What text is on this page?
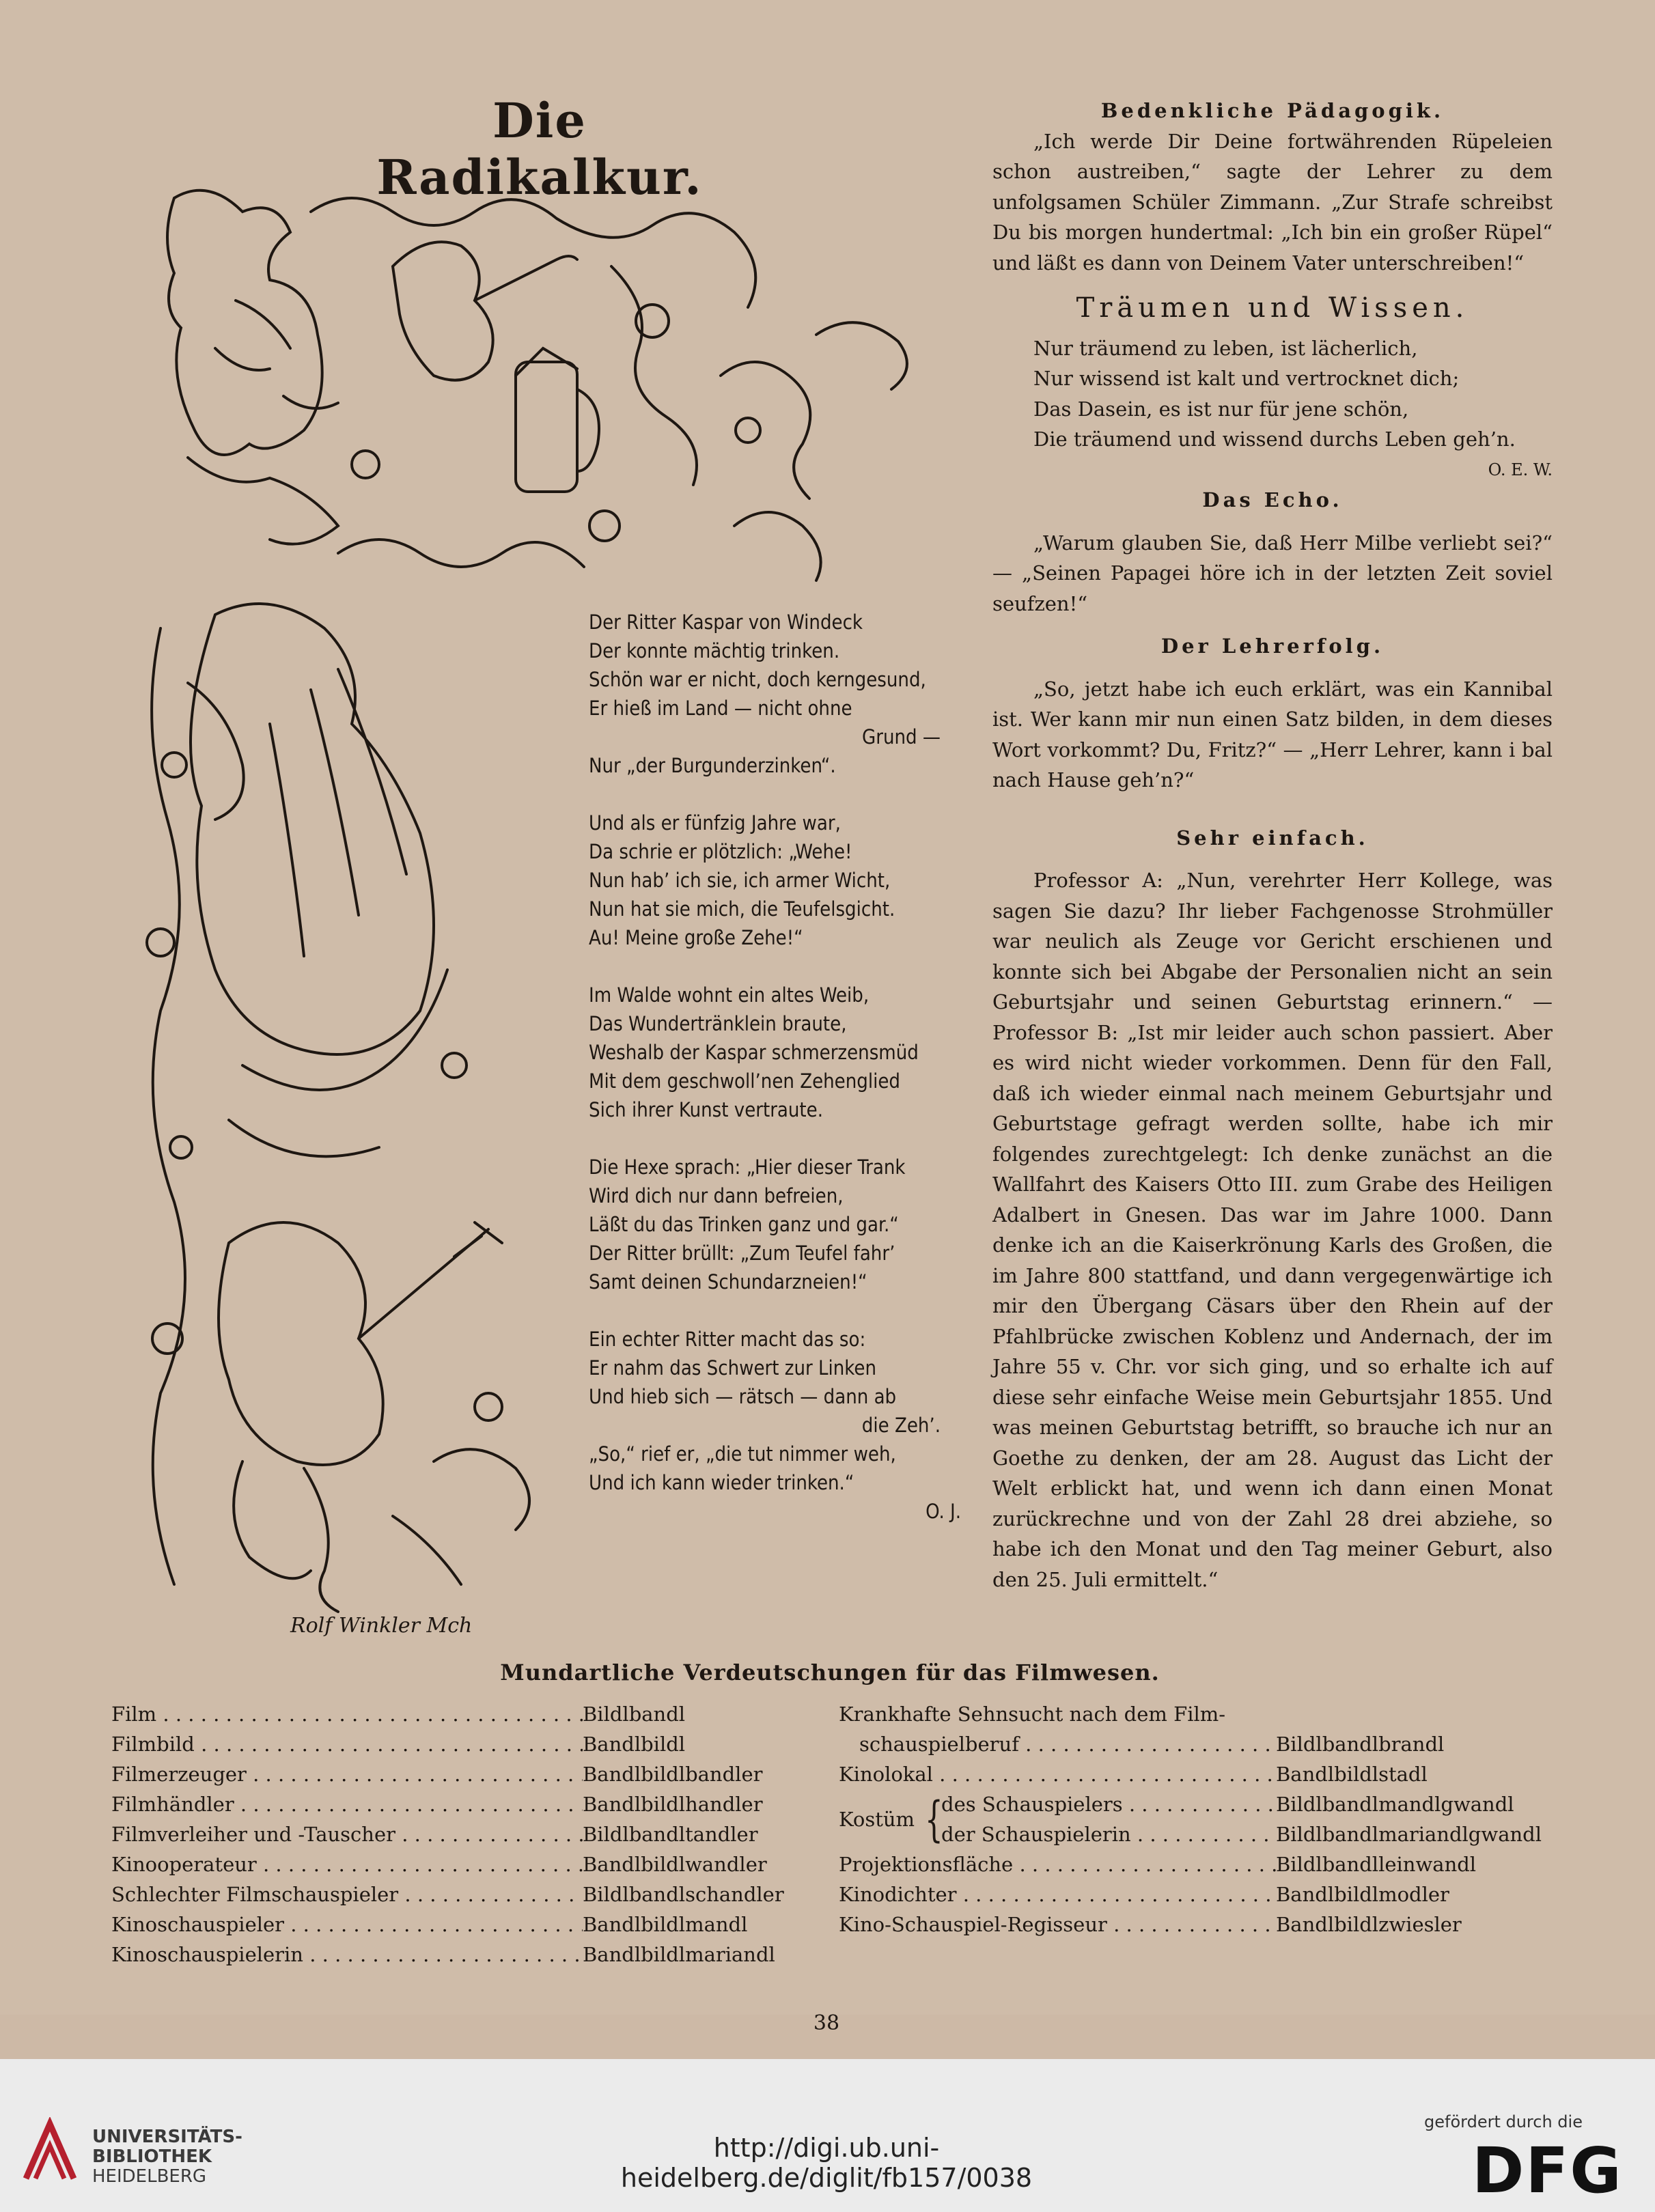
Die Radikalkur.
Rolf Winkler Mch
Der Ritter Kaspar von Windeck
Der konnte mächtig trinken.
Schön war er nicht, doch kerngesund,
Er hieß im Land — nicht ohne
Grund —
Nur „der Burgunderzinken“.
Und als er fünfzig Jahre war,
Da schrie er plötzlich: „Wehe!
Nun hab’ ich sie, ich armer Wicht,
Nun hat sie mich, die Teufelsgicht.
Au! Meine große Zehe!“
Im Walde wohnt ein altes Weib,
Das Wundertränklein braute,
Weshalb der Kaspar schmerzensmüd
Mit dem geschwoll’nen Zehenglied
Sich ihrer Kunst vertraute.
Die Hexe sprach: „Hier dieser Trank
Wird dich nur dann befreien,
Läßt du das Trinken ganz und gar.“
Der Ritter brüllt: „Zum Teufel fahr’
Samt deinen Schundarzneien!“
Ein echter Ritter macht das so:
Er nahm das Schwert zur Linken
Und hieb sich — rätsch — dann ab
die Zeh’.
„So,“ rief er, „die tut nimmer weh,
Und ich kann wieder trinken.“
O. J.
Bedenkliche Pädagogik.
„Ich werde Dir Deine fortwährenden Rüpeleien schon austreiben,“ sagte der Lehrer zu dem unfolgsamen Schüler Zimmann. „Zur Strafe schreibst Du bis morgen hundertmal: „Ich bin ein großer Rüpel“ und läßt es dann von Deinem Vater unterschreiben!“
Träumen und Wissen.
Nur träumend zu leben, ist lächerlich,
Nur wissend ist kalt und vertrocknet dich;
Das Dasein, es ist nur für jene schön,
Die träumend und wissend durchs Leben geh’n.
O. E. W.
Das Echo.
„Warum glauben Sie, daß Herr Milbe verliebt sei?“ — „Seinen Papagei höre ich in der letzten Zeit soviel seufzen!“
Der Lehrerfolg.
„So, jetzt habe ich euch erklärt, was ein Kannibal ist. Wer kann mir nun einen Satz bilden, in dem dieses Wort vorkommt? Du, Fritz?“ — „Herr Lehrer, kann i bal nach Hause geh’n?“
Sehr einfach.
Professor A: „Nun, verehrter Herr Kollege, was sagen Sie dazu? Ihr lieber Fachgenosse Strohmüller war neulich als Zeuge vor Gericht erschienen und konnte sich bei Abgabe der Personalien nicht an sein Geburtsjahr und seinen Geburtstag erinnern.“ — Professor B: „Ist mir leider auch schon passiert. Aber es wird nicht wieder vorkommen. Denn für den Fall, daß ich wieder einmal nach meinem Geburtsjahr und Geburtstage gefragt werden sollte, habe ich mir folgendes zurechtgelegt: Ich denke zunächst an die Wallfahrt des Kaisers Otto III. zum Grabe des Heiligen Adalbert in Gnesen. Das war im Jahre 1000. Dann denke ich an die Kaiserkrönung Karls des Großen, die im Jahre 800 stattfand, und dann vergegenwärtige ich mir den Übergang Cäsars über den Rhein auf der Pfahlbrücke zwischen Koblenz und Andernach, der im Jahre 55 v. Chr. vor sich ging, und so erhalte ich auf diese sehr einfache Weise mein Geburtsjahr 1855. Und was meinen Geburtstag betrifft, so brauche ich nur an Goethe zu denken, der am 28. August das Licht der Welt erblickt hat, und wenn ich dann einen Monat zurückrechne und von der Zahl 28 drei abziehe, so habe ich den Monat und den Tag meiner Geburt, also den 25. Juli ermittelt.“
Mundartliche Verdeutschungen für das Filmwesen.
Film . . .	Bildlbandl
Filmbild . . .	Bandlbildl
Filmerzeuger . . .	Bandlbildlbandler
Filmhändler . . .	Bandlbildlhandler
Filmverleiher und -Tauscher . . .	Bildlbandltandler
Kinooperateur . . .	Bandlbildlwandler
Schlechter Filmschauspieler . . .	Bildlbandlschandler
Kinoschauspieler . . .	Bandlbildlmandl
Kinoschauspielerin . . .	Bandlbildlmariandl
Krankhafte Sehnsucht nach dem Film-
schauspielberuf . . .	Bildlbandlbrandl
Kinolokal . . .	Bandlbildlstadl
Kostüm {
des Schauspielers . . .	Bildlbandlmandlgwandl
der Schauspielerin . . .	Bildlbandlmariandlgwandl
Projektionsfläche . . .	Bildlbandlleinwandl
Kinodichter . . .	Bandlbildlmodler
Kino-Schauspiel-Regisseur . . .	Bandlbildlzwiesler
38
UNIVERSITÄTS-
BIBLIOTHEK
HEIDELBERG
http://digi.ub.uni-heidelberg.de/diglit/fb157/0038
gefördert durch die
DFG
